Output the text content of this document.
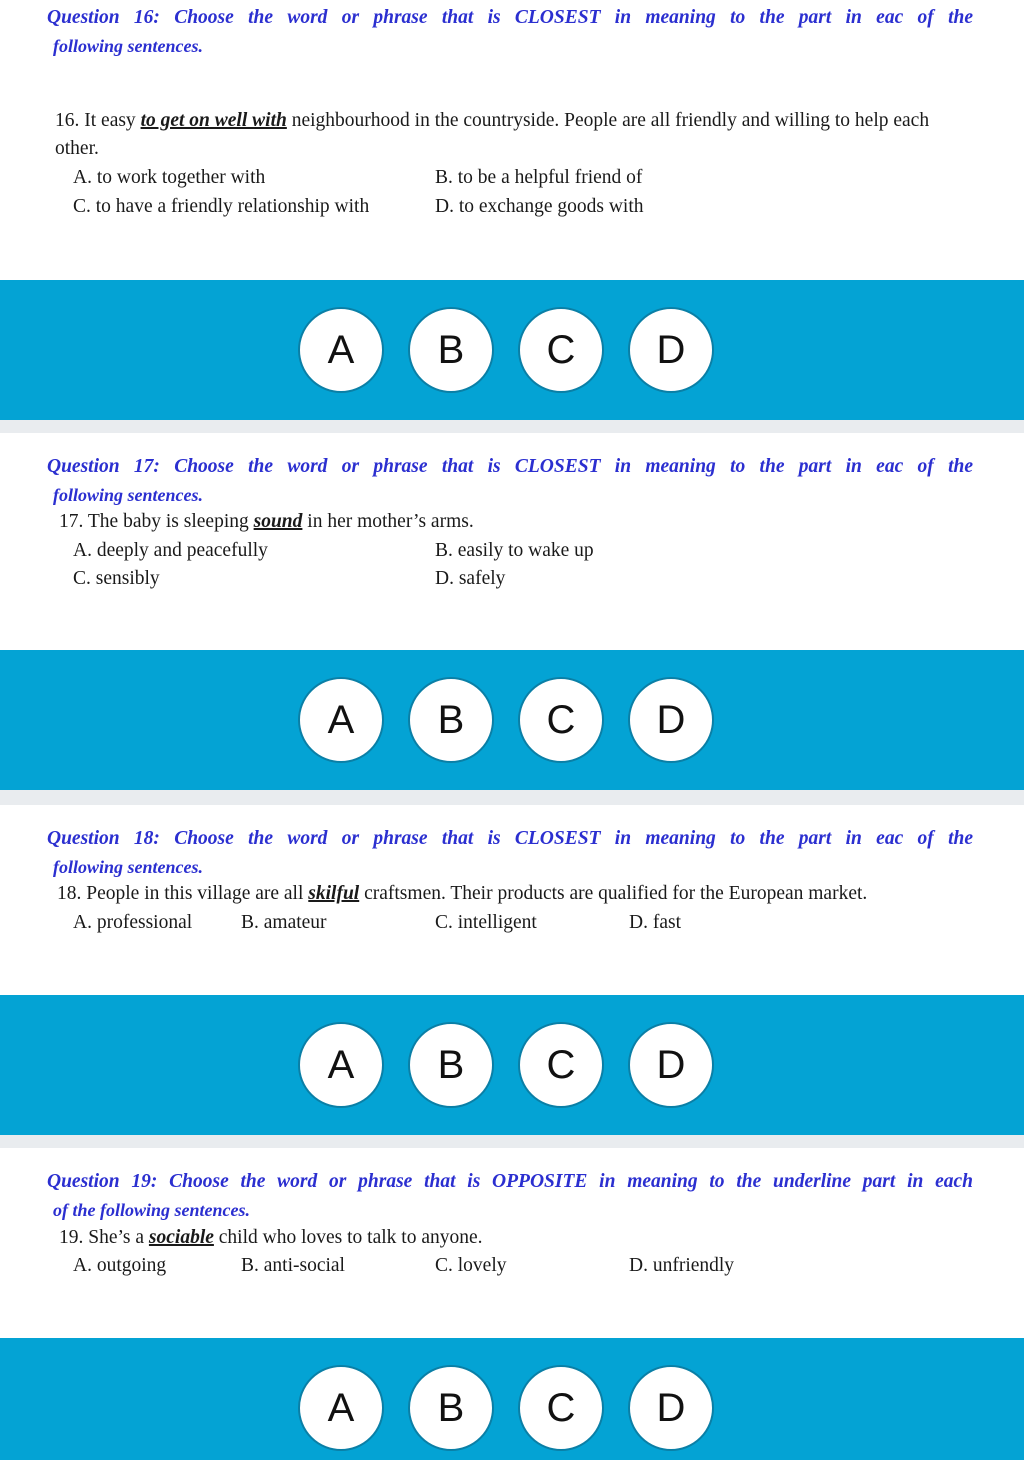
Question 16: Choose the word or phrase that is CLOSEST in meaning to the part in eac of the
following sentences.
16. It easy to get on well with neighbourhood in the countryside. People are all friendly and willing to help each other.
A. to work together with	B. to be a helpful friend of
C. to have a friendly relationship with	D. to exchange goods with
A	B	C	D
Question 17: Choose the word or phrase that is CLOSEST in meaning to the part in eac of the
following sentences.
17. The baby is sleeping sound in her mother’s arms.
A. deeply and peacefully	B. easily to wake up
C. sensibly	D. safely
A	B	C	D
Question 18: Choose the word or phrase that is CLOSEST in meaning to the part in eac of the
following sentences.
18. People in this village are all skilful craftsmen. Their products are qualified for the European market.
A. professional	B. amateur	C. intelligent	D. fast
A	B	C	D
Question 19: Choose the word or phrase that is OPPOSITE in meaning to the underline part in each
of the following sentences.
19. She’s a sociable child who loves to talk to anyone.
A. outgoing	B. anti-social	C. lovely	D. unfriendly
A	B	C	D
